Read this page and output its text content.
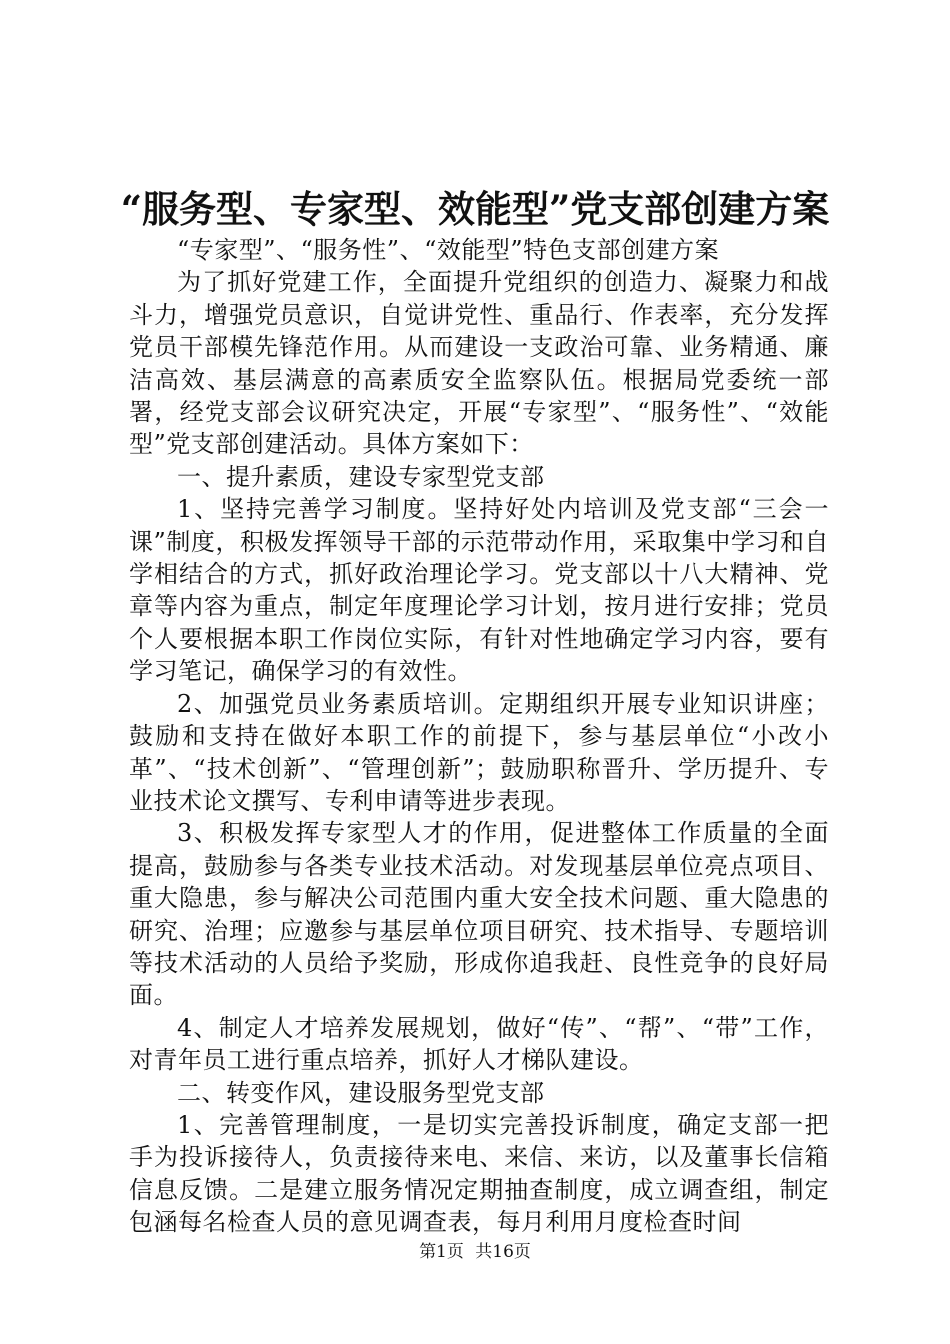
“服务型、专家型、效能型”党支部创建方案

“专家型”、“服务性”、“效能型”特色支部创建方案

为了抓好党建工作，全面提升党组织的创造力、凝聚力和战斗力，增强党员意识，自觉讲党性、重品行、作表率，充分发挥党员干部模先锋范作用。从而建设一支政治可靠、业务精通、廉洁高效、基层满意的高素质安全监察队伍。根据局党委统一部署，经党支部会议研究决定，开展“专家型”、“服务性”、“效能型”党支部创建活动。具体方案如下：

一、提升素质，建设专家型党支部

1、坚持完善学习制度。坚持好处内培训及党支部“三会一课”制度，积极发挥领导干部的示范带动作用，采取集中学习和自学相结合的方式，抓好政治理论学习。党支部以十八大精神、党章等内容为重点，制定年度理论学习计划，按月进行安排；党员个人要根据本职工作岗位实际，有针对性地确定学习内容，要有学习笔记，确保学习的有效性。

2、加强党员业务素质培训。定期组织开展专业知识讲座；鼓励和支持在做好本职工作的前提下，参与基层单位“小改小革”、“技术创新”、“管理创新”；鼓励职称晋升、学历提升、专业技术论文撰写、专利申请等进步表现。

3、积极发挥专家型人才的作用，促进整体工作质量的全面提高，鼓励参与各类专业技术活动。对发现基层单位亮点项目、重大隐患，参与解决公司范围内重大安全技术问题、重大隐患的研究、治理；应邀参与基层单位项目研究、技术指导、专题培训等技术活动的人员给予奖励，形成你追我赶、良性竞争的良好局面。

4、制定人才培养发展规划，做好“传”、“帮”、“带”工作，对青年员工进行重点培养，抓好人才梯队建设。

二、转变作风，建设服务型党支部

1、完善管理制度，一是切实完善投诉制度，确定支部一把手为投诉接待人，负责接待来电、来信、来访，以及董事长信箱信息反馈。二是建立服务情况定期抽查制度，成立调查组，制定包涵每名检查人员的意见调查表，每月利用月度检查时间

第1页 共16页
